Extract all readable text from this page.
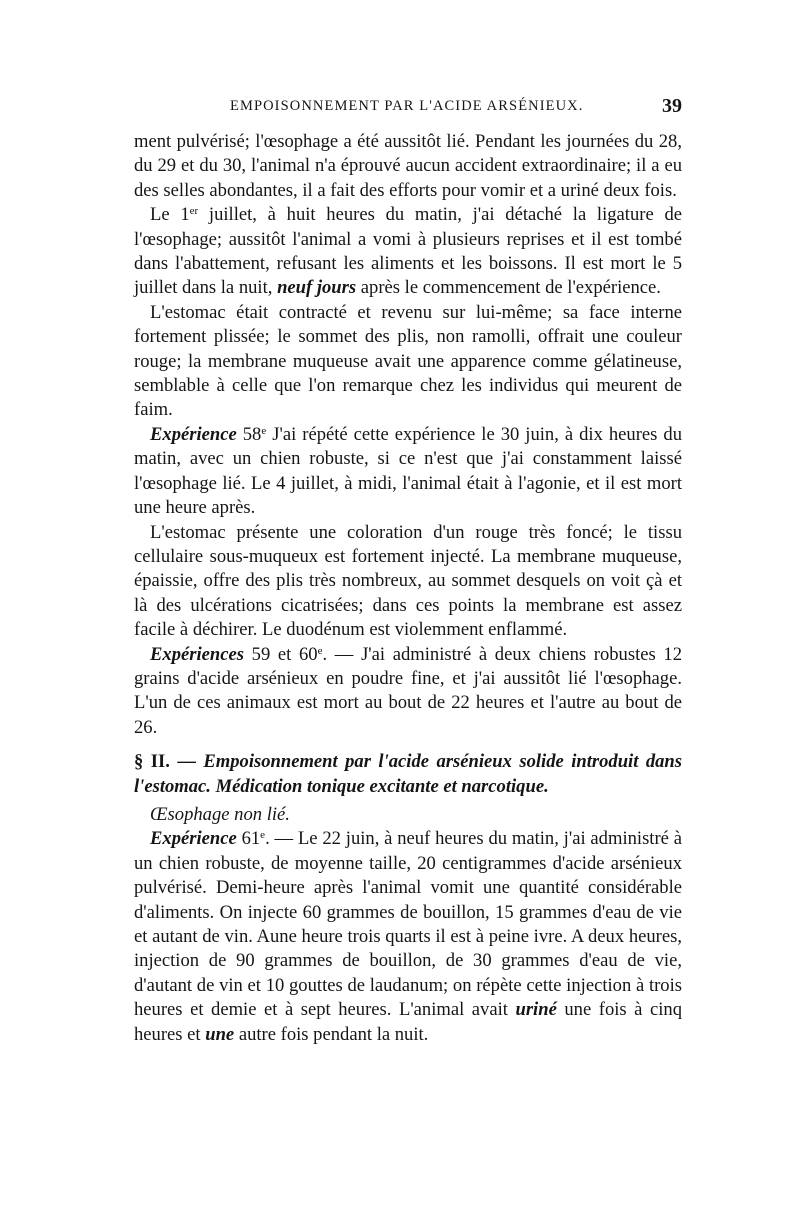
EMPOISONNEMENT PAR L'ACIDE ARSÉNIEUX.	39

ment pulvérisé; l'œsophage a été aussitôt lié. Pendant les journées du 28, du 29 et du 30, l'animal n'a éprouvé aucun accident extraordinaire; il a eu des selles abondantes, il a fait des efforts pour vomir et a uriné deux fois.

Le 1er juillet, à huit heures du matin, j'ai détaché la ligature de l'œsophage; aussitôt l'animal a vomi à plusieurs reprises et il est tombé dans l'abattement, refusant les aliments et les boissons. Il est mort le 5 juillet dans la nuit, neuf jours après le commencement de l'expérience.

L'estomac était contracté et revenu sur lui-même; sa face interne fortement plissée; le sommet des plis, non ramolli, offrait une couleur rouge; la membrane muqueuse avait une apparence comme gélatineuse, semblable à celle que l'on remarque chez les individus qui meurent de faim.

Expérience 58e J'ai répété cette expérience le 30 juin, à dix heures du matin, avec un chien robuste, si ce n'est que j'ai constamment laissé l'œsophage lié. Le 4 juillet, à midi, l'animal était à l'agonie, et il est mort une heure après.

L'estomac présente une coloration d'un rouge très foncé; le tissu cellulaire sous-muqueux est fortement injecté. La membrane muqueuse, épaissie, offre des plis très nombreux, au sommet desquels on voit çà et là des ulcérations cicatrisées; dans ces points la membrane est assez facile à déchirer. Le duodénum est violemment enflammé.

Expériences 59 et 60e. — J'ai administré à deux chiens robustes 12 grains d'acide arsénieux en poudre fine, et j'ai aussitôt lié l'œsophage. L'un de ces animaux est mort au bout de 22 heures et l'autre au bout de 26.

§ II. — Empoisonnement par l'acide arsénieux solide introduit dans l'estomac. Médication tonique excitante et narcotique.

Œsophage non lié.

Expérience 61e. — Le 22 juin, à neuf heures du matin, j'ai administré à un chien robuste, de moyenne taille, 20 centigrammes d'acide arsénieux pulvérisé. Demi-heure après l'animal vomit une quantité considérable d'aliments. On injecte 60 grammes de bouillon, 15 grammes d'eau de vie et autant de vin. Aune heure trois quarts il est à peine ivre. A deux heures, injection de 90 grammes de bouillon, de 30 grammes d'eau de vie, d'autant de vin et 10 gouttes de laudanum; on répète cette injection à trois heures et demie et à sept heures. L'animal avait uriné une fois à cinq heures et une autre fois pendant la nuit.
